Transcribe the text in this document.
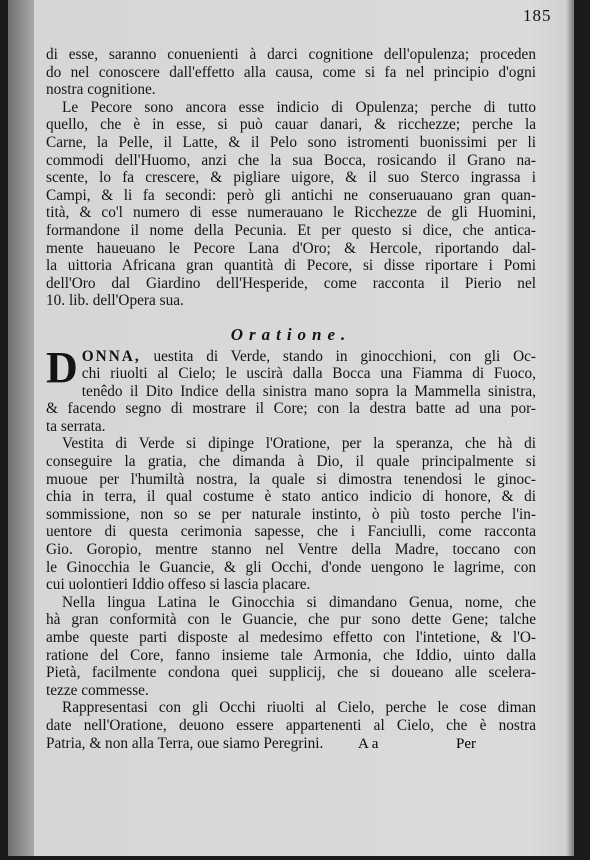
185

di esse, saranno conuenienti à darci cognitione dell'opulenza; proceden
do nel conoscere dall'effetto alla causa, come si fa nel principio d'ogni
nostra cognitione.

Le Pecore sono ancora esse indicio di Opulenza; perche di tutto
quello, che è in esse, si può cauar danari, & ricchezze; perche la
Carne, la Pelle, il Latte, & il Pelo sono istromenti buonissimi per li
commodi dell'Huomo, anzi che la sua Bocca, rosicando il Grano na-
scente, lo fa crescere, & pigliare uigore, & il suo Sterco ingrassa i
Campi, & li fa secondi: però gli antichi ne conseruauano gran quan-
tità, & co'l numero di esse numerauano le Ricchezze de gli Huomini,
formandone il nome della Pecunia. Et per questo si dice, che antica-
mente haueuano le Pecore Lana d'Oro; & Hercole, riportando dal-
la uittoria Africana gran quantità di Pecore, si disse riportare i Pomi
dell'Oro dal Giardino dell'Hesperide, come racconta il Pierio nel
10. lib. dell'Opera sua.

Oratione.

D ONNA, uestita di Verde, stando in ginocchioni, con gli Oc-
chi riuolti al Cielo; le uscirà dalla Bocca una Fiamma di Fuoco,
tenêdo il Dito Indice della sinistra mano sopra la Mammella sinistra,
& facendo segno di mostrare il Core; con la destra batte ad una por-
ta serrata.

Vestita di Verde si dipinge l'Oratione, per la speranza, che hà di
conseguire la gratia, che dimanda à Dio, il quale principalmente si
muoue per l'humiltà nostra, la quale si dimostra tenendosi le ginoc-
chia in terra, il qual costume è stato antico indicio di honore, & di
sommissione, non so se per naturale instinto, ò più tosto perche l'in-
uentore di questa cerimonia sapesse, che i Fanciulli, come racconta
Gio. Goropio, mentre stanno nel Ventre della Madre, toccano con
le Ginocchia le Guancie, & gli Occhi, d'onde uengono le lagrime, con
cui uolontieri Iddio offeso si lascia placare.

Nella lingua Latina le Ginocchia si dimandano Genua, nome, che
hà gran conformità con le Guancie, che pur sono dette Gene; talche
ambe queste parti disposte al medesimo effetto con l'intetione, & l'O-
ratione del Core, fanno insieme tale Armonia, che Iddio, uinto dalla
Pietà, facilmente condona quei supplicij, che si doueano alle scelera-
tezze commesse.

Rappresentasi con gli Occhi riuolti al Cielo, perche le cose diman
date nell'Oratione, deuono essere appartenenti al Cielo, che è nostra
Patria, & non alla Terra, oue siamo Peregrini.	A a	Per
